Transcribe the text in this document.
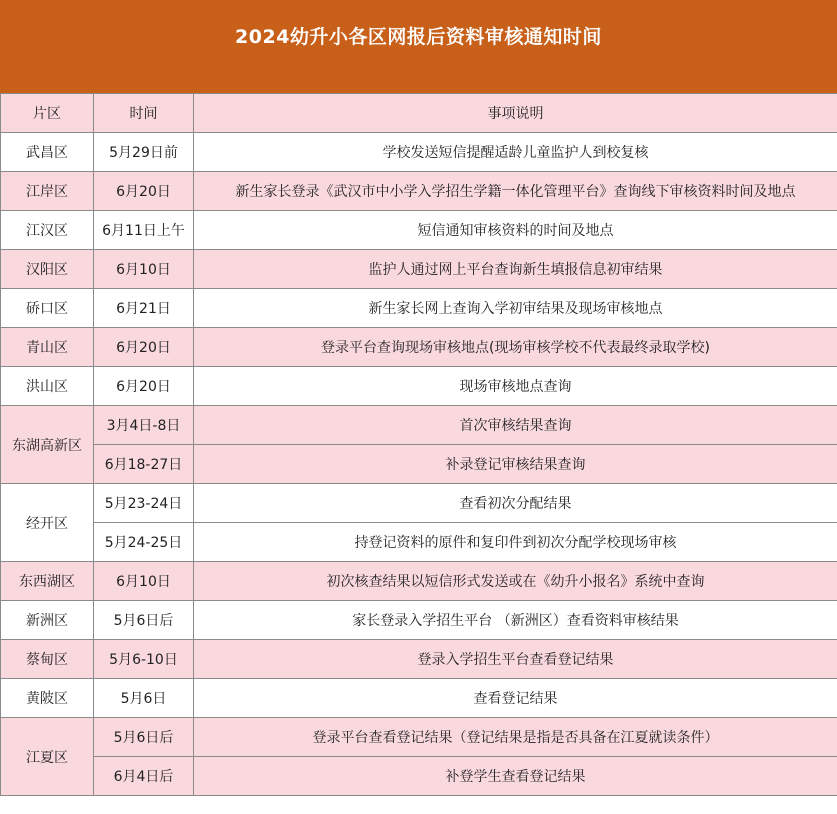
2024幼升小各区网报后资料审核通知时间
片区	时间	事项说明
武昌区	5月29日前	学校发送短信提醒适龄儿童监护人到校复核
江岸区	6月20日	新生家长登录《武汉市中小学入学招生学籍一体化管理平台》查询线下审核资料时间及地点
江汉区	6月11日上午	短信通知审核资料的时间及地点
汉阳区	6月10日	监护人通过网上平台查询新生填报信息初审结果
硚口区	6月21日	新生家长网上查询入学初审结果及现场审核地点
青山区	6月20日	登录平台查询现场审核地点(现场审核学校不代表最终录取学校)
洪山区	6月20日	现场审核地点查询
东湖高新区	3月4日-8日	首次审核结果查询
	6月18-27日	补录登记审核结果查询
经开区	5月23-24日	查看初次分配结果
	5月24-25日	持登记资料的原件和复印件到初次分配学校现场审核
东西湖区	6月10日	初次核查结果以短信形式发送或在《幼升小报名》系统中查询
新洲区	5月6日后	家长登录入学招生平台 （新洲区）查看资料审核结果
蔡甸区	5月6-10日	登录入学招生平台查看登记结果
黄陂区	5月6日	查看登记结果
江夏区	5月6日后	登录平台查看登记结果（登记结果是指是否具备在江夏就读条件）
	6月4日后	补登学生查看登记结果
